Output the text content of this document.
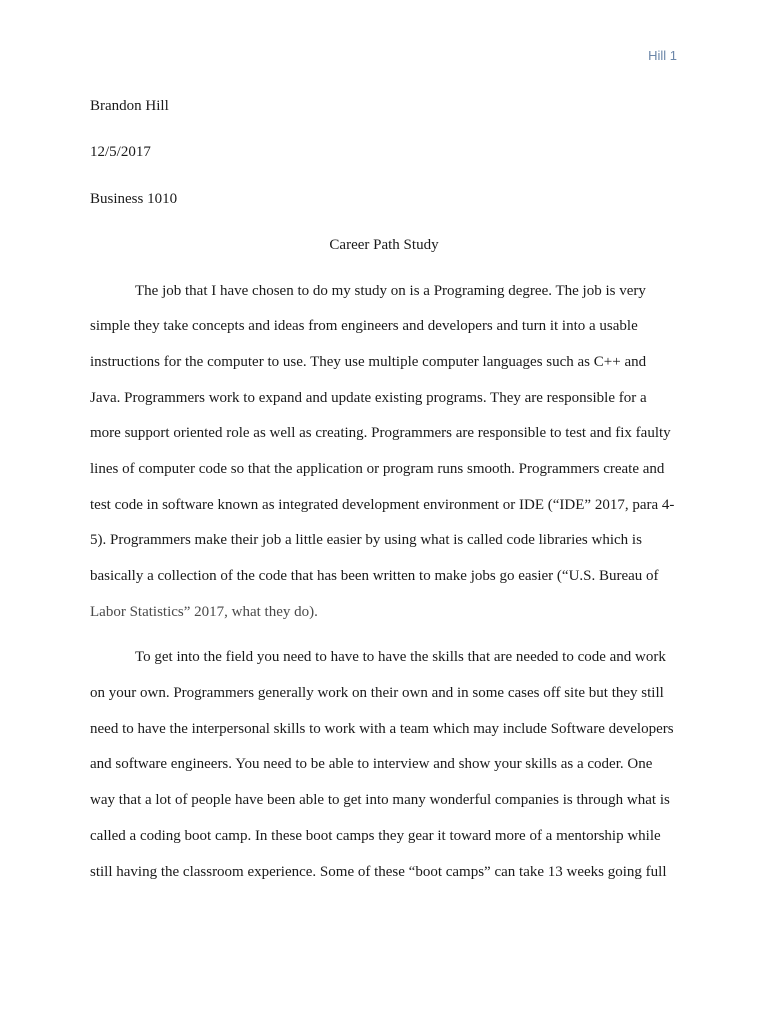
Hill 1
Brandon Hill
12/5/2017
Business 1010
Career Path Study
The job that I have chosen to do my study on is a Programing degree. The job is very
simple they take concepts and ideas from engineers and developers and turn it into a usable
instructions for the computer to use. They use multiple computer languages such as C++ and
Java. Programmers work to expand and update existing programs. They are responsible for a
more support oriented role as well as creating. Programmers are responsible to test and fix faulty
lines of computer code so that the application or program runs smooth. Programmers create and
test code in software known as integrated development environment or IDE (“IDE” 2017, para 4-
5). Programmers make their job a little easier by using what is called code libraries which is
basically a collection of the code that has been written to make jobs go easier (“U.S. Bureau of
Labor Statistics” 2017, what they do).
To get into the field you need to have to have the skills that are needed to code and work
on your own. Programmers generally work on their own and in some cases off site but they still
need to have the interpersonal skills to work with a team which may include Software developers
and software engineers. You need to be able to interview and show your skills as a coder. One
way that a lot of people have been able to get into many wonderful companies is through what is
called a coding boot camp. In these boot camps they gear it toward more of a mentorship while
still having the classroom experience. Some of these “boot camps” can take 13 weeks going full
